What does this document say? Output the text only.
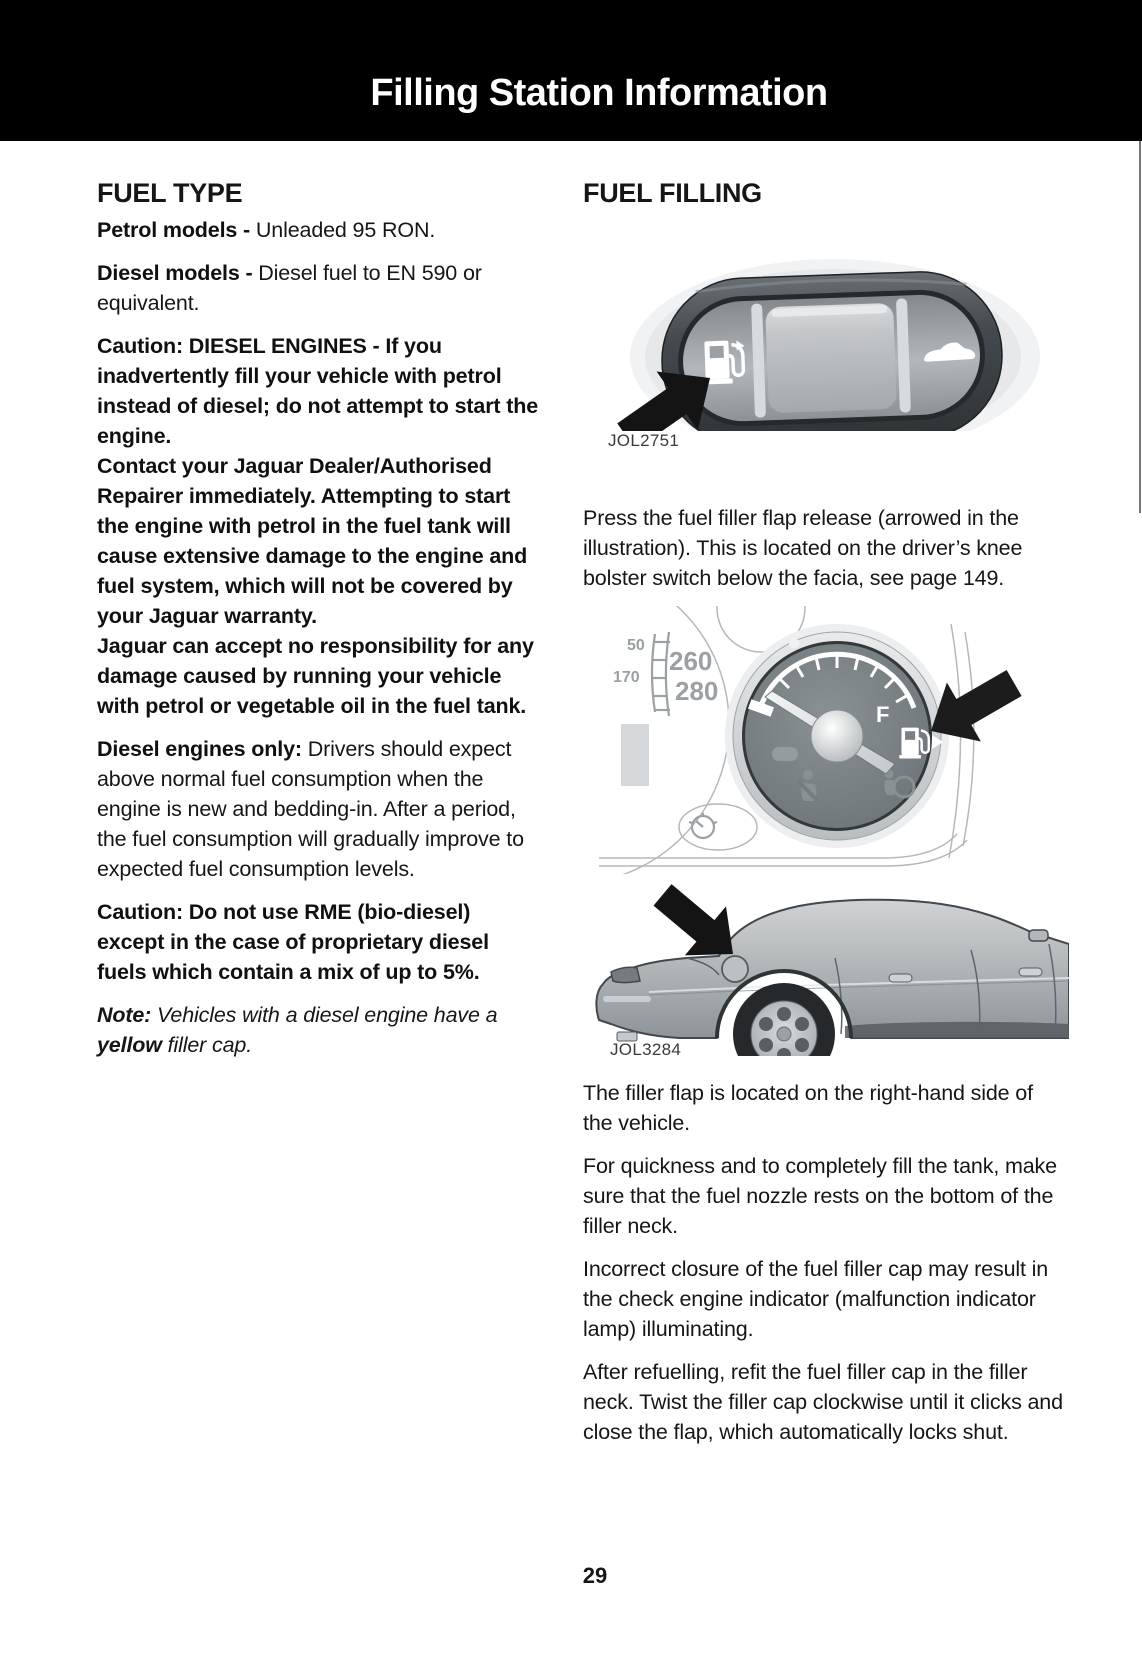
Filling Station Information
FUEL TYPE

Petrol models - Unleaded 95 RON.

Diesel models - Diesel fuel to EN 590 or equivalent.

Caution: DIESEL ENGINES - If you inadvertently fill your vehicle with petrol instead of diesel; do not attempt to start the engine.

Contact your Jaguar Dealer/Authorised Repairer immediately. Attempting to start the engine with petrol in the fuel tank will cause extensive damage to the engine and fuel system, which will not be covered by your Jaguar warranty.

Jaguar can accept no responsibility for any damage caused by running your vehicle with petrol or vegetable oil in the fuel tank.

Diesel engines only: Drivers should expect above normal fuel consumption when the engine is new and bedding-in. After a period, the fuel consumption will gradually improve to expected fuel consumption levels.

Caution: Do not use RME (bio-diesel) except in the case of proprietary diesel fuels which contain a mix of up to 5%.

Note: Vehicles with a diesel engine have a yellow filler cap.

FUEL FILLING
JOL2751

Press the fuel filler flap release (arrowed in the illustration). This is located on the driver’s knee bolster switch below the facia, see page 149.

50
170
260
280
F
JOL3284

The filler flap is located on the right-hand side of the vehicle.

For quickness and to completely fill the tank, make sure that the fuel nozzle rests on the bottom of the filler neck.

Incorrect closure of the fuel filler cap may result in the check engine indicator (malfunction indicator lamp) illuminating.

After refuelling, refit the fuel filler cap in the filler neck. Twist the filler cap clockwise until it clicks and close the flap, which automatically locks shut.

29
